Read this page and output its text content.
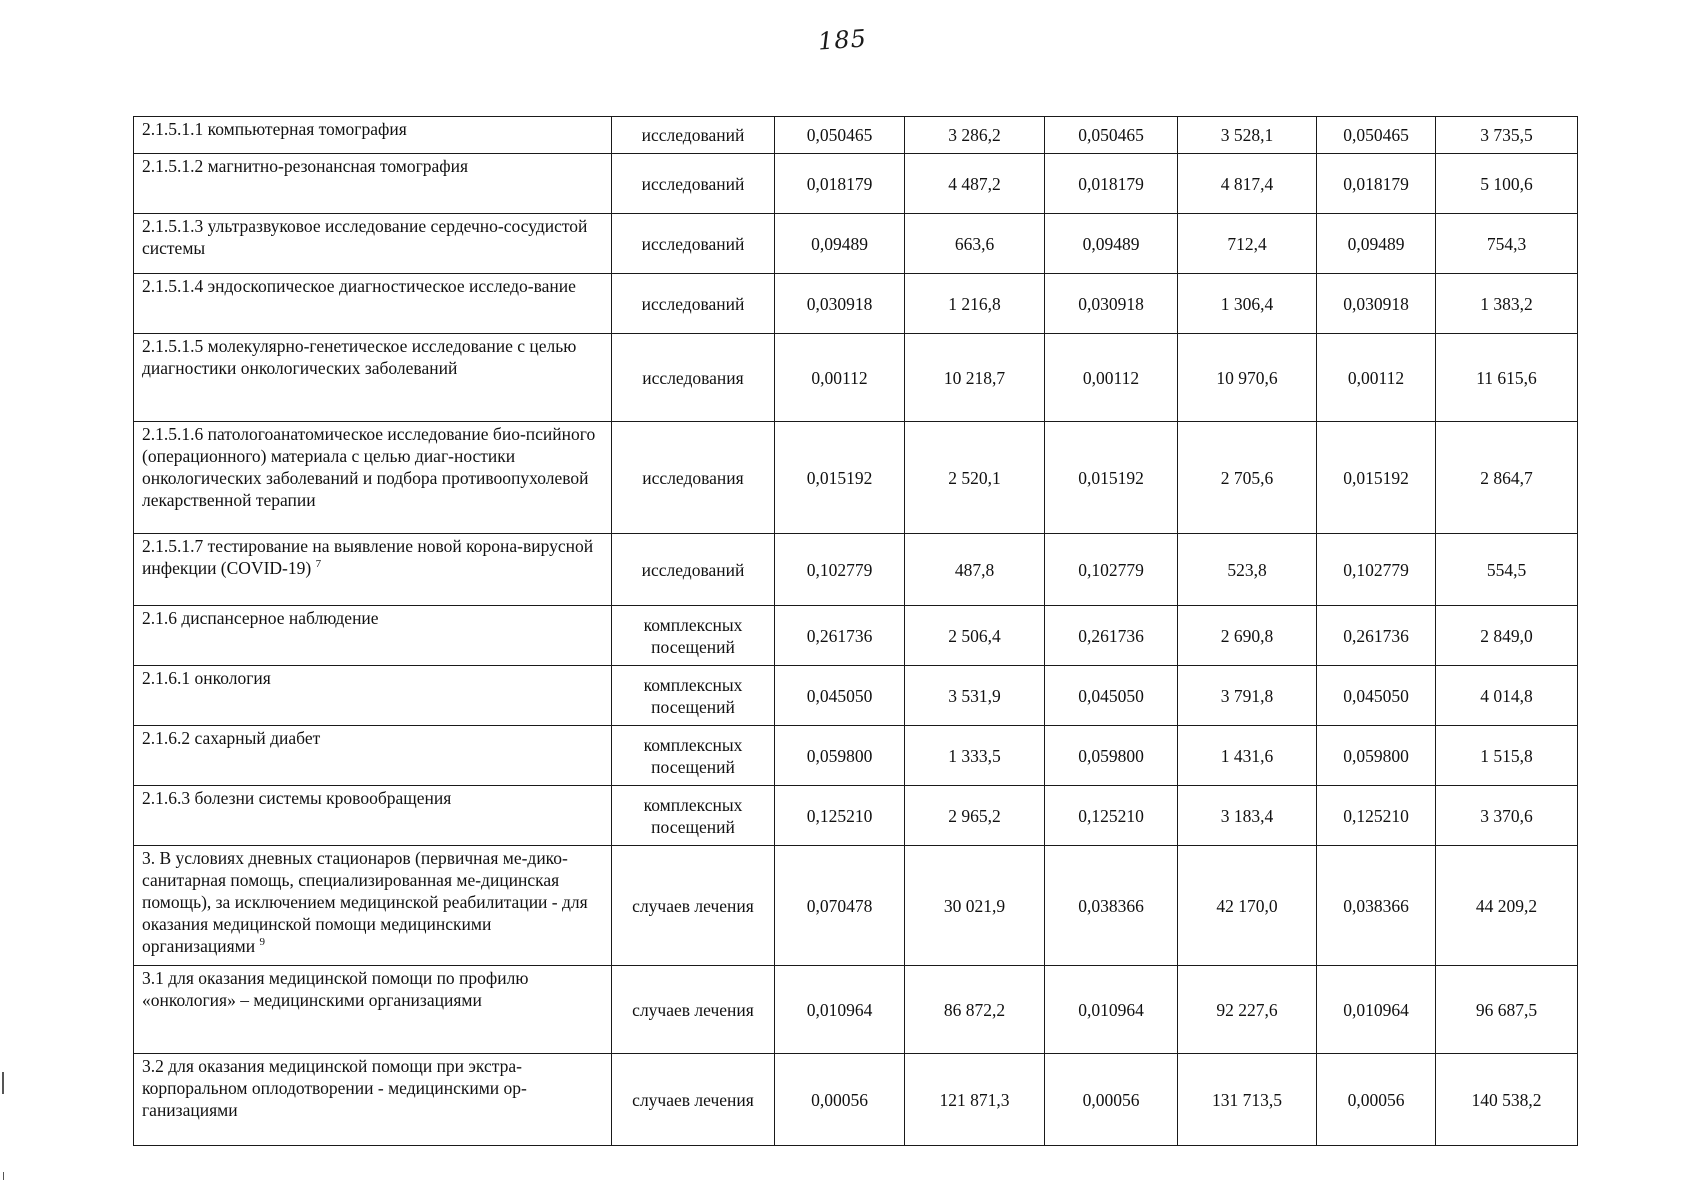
185
2.1.5.1.1 компьютерная томография	исследований	0,050465	3 286,2	0,050465	3 528,1	0,050465	3 735,5
2.1.5.1.2 магнитно-резонансная томография	исследований	0,018179	4 487,2	0,018179	4 817,4	0,018179	5 100,6
2.1.5.1.3 ультразвуковое исследование сердечно-сосудистой системы	исследований	0,09489	663,6	0,09489	712,4	0,09489	754,3
2.1.5.1.4 эндоскопическое диагностическое исследо-вание	исследований	0,030918	1 216,8	0,030918	1 306,4	0,030918	1 383,2
2.1.5.1.5 молекулярно-генетическое исследование с целью диагностики онкологических заболеваний	исследования	0,00112	10 218,7	0,00112	10 970,6	0,00112	11 615,6
2.1.5.1.6 патологоанатомическое исследование био-псийного (операционного) материала с целью диаг-ностики онкологических заболеваний и подбора противоопухолевой лекарственной терапии	исследования	0,015192	2 520,1	0,015192	2 705,6	0,015192	2 864,7
2.1.5.1.7 тестирование на выявление новой корона-вирусной инфекции (COVID-19) $^7$	исследований	0,102779	487,8	0,102779	523,8	0,102779	554,5
2.1.6 диспансерное наблюдение	комплексных посещений	0,261736	2 506,4	0,261736	2 690,8	0,261736	2 849,0
2.1.6.1 онкология	комплексных посещений	0,045050	3 531,9	0,045050	3 791,8	0,045050	4 014,8
2.1.6.2 сахарный диабет	комплексных посещений	0,059800	1 333,5	0,059800	1 431,6	0,059800	1 515,8
2.1.6.3 болезни системы кровообращения	комплексных посещений	0,125210	2 965,2	0,125210	3 183,4	0,125210	3 370,6
3. В условиях дневных стационаров (первичная ме-дико-санитарная помощь, специализированная ме-дицинская помощь), за исключением медицинской реабилитации - для оказания медицинской помощи медицинскими организациями $^9$	случаев лечения	0,070478	30 021,9	0,038366	42 170,0	0,038366	44 209,2
3.1 для оказания медицинской помощи по профилю «онкология» – медицинскими организациями	случаев лечения	0,010964	86 872,2	0,010964	92 227,6	0,010964	96 687,5
3.2 для оказания медицинской помощи при экстра-корпоральном оплодотворении - медицинскими ор-ганизациями	случаев лечения	0,00056	121 871,3	0,00056	131 713,5	0,00056	140 538,2
